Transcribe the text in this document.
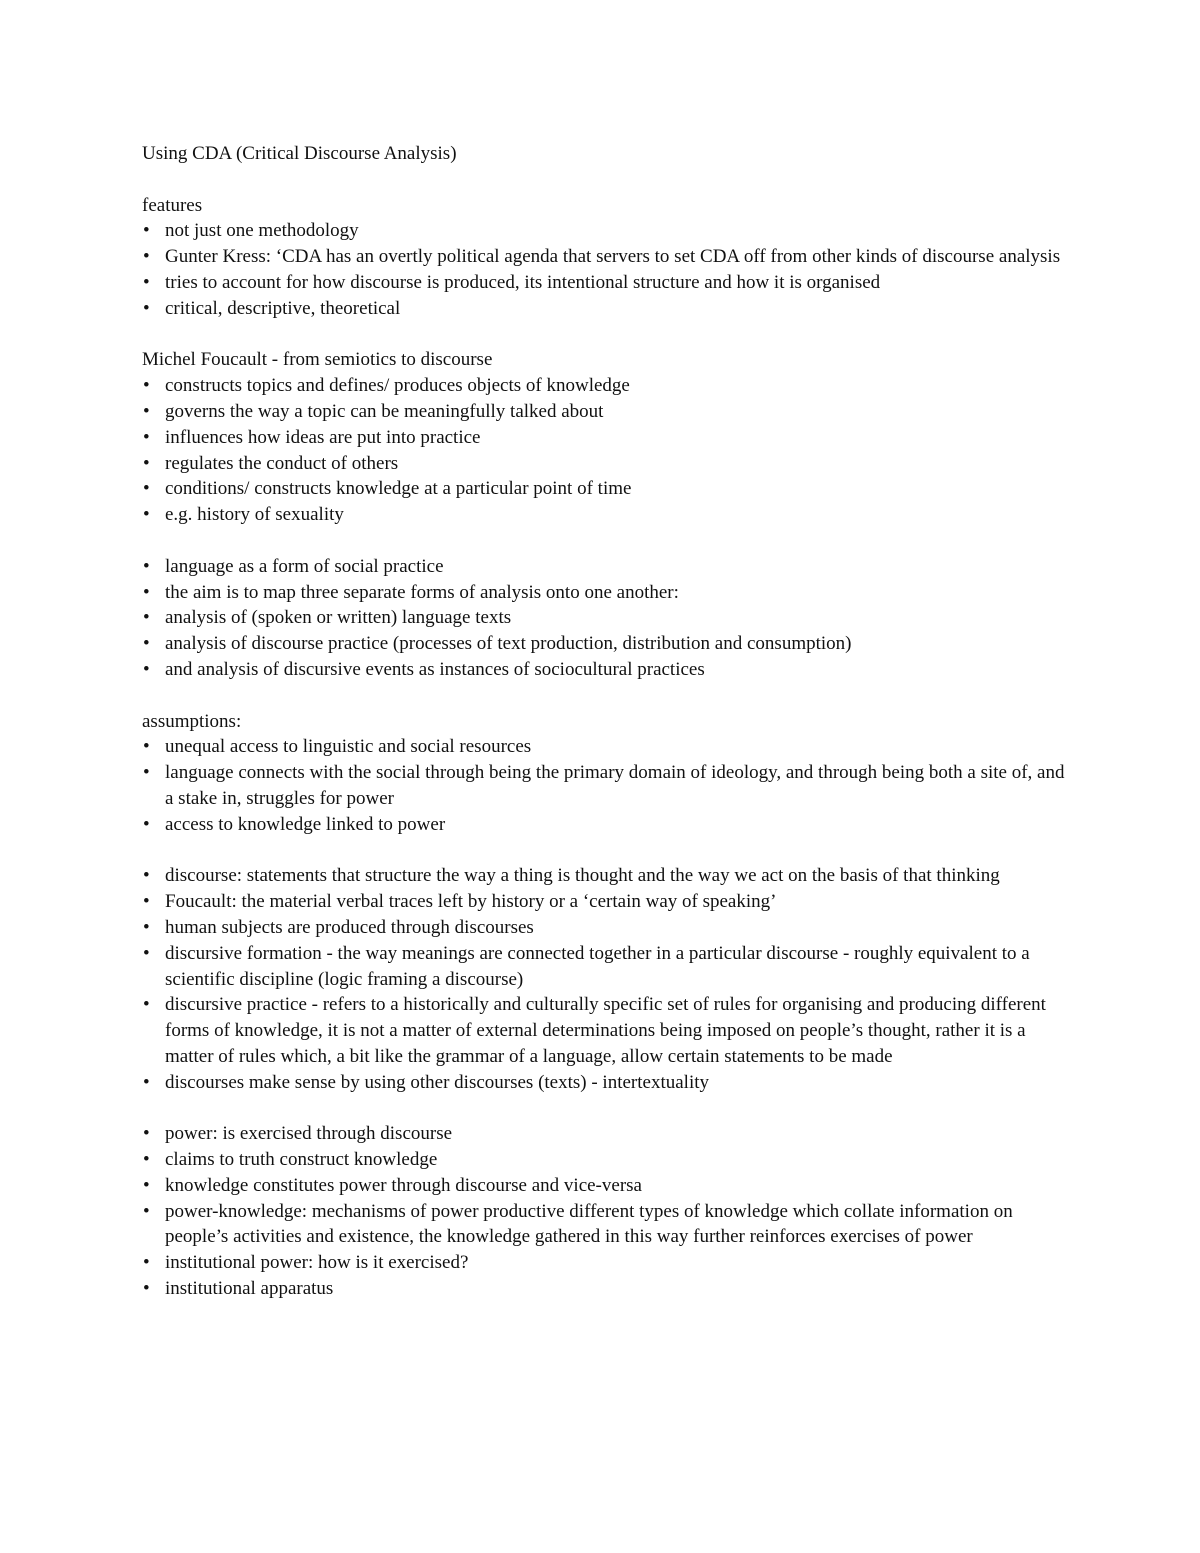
Using CDA (Critical Discourse Analysis)
features
• not just one methodology
• Gunter Kress: ‘CDA has an overtly political agenda that servers to set CDA off from other kinds of discourse analysis
• tries to account for how discourse is produced, its intentional structure and how it is organised
• critical, descriptive, theoretical
Michel Foucault - from semiotics to discourse
• constructs topics and defines/ produces objects of knowledge
• governs the way a topic can be meaningfully talked about
• influences how ideas are put into practice
• regulates the conduct of others
• conditions/ constructs knowledge at a particular point of time
• e.g. history of sexuality
• language as a form of social practice
• the aim is to map three separate forms of analysis onto one another:
• analysis of (spoken or written) language texts
• analysis of discourse practice (processes of text production, distribution and consumption)
• and analysis of discursive events as instances of sociocultural practices
assumptions:
• unequal access to linguistic and social resources
• language connects with the social through being the primary domain of ideology, and through being both a site of, and a stake in, struggles for power
• access to knowledge linked to power
• discourse: statements that structure the way a thing is thought and the way we act on the basis of that thinking
• Foucault: the material verbal traces left by history or a ‘certain way of speaking’
• human subjects are produced through discourses
• discursive formation - the way meanings are connected together in a particular discourse - roughly equivalent to a scientific discipline (logic framing a discourse)
• discursive practice - refers to a historically and culturally specific set of rules for organising and producing different forms of knowledge, it is not a matter of external determinations being imposed on people’s thought, rather it is a matter of rules which, a bit like the grammar of a language, allow certain statements to be made
• discourses make sense by using other discourses (texts) - intertextuality
• power: is exercised through discourse
• claims to truth construct knowledge
• knowledge constitutes power through discourse and vice-versa
• power-knowledge: mechanisms of power productive different types of knowledge which collate information on people’s activities and existence, the knowledge gathered in this way further reinforces exercises of power
• institutional power: how is it exercised?
• institutional apparatus
